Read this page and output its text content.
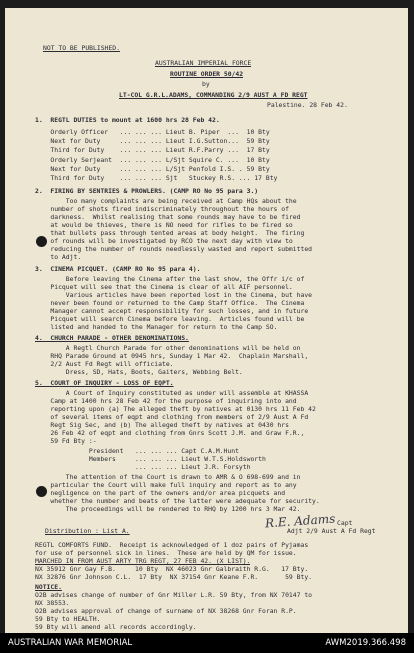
NOT TO BE PUBLISHED.
AUSTRALIAN IMPERIAL FORCE
ROUTINE ORDER 50/42
by
LT-COL G.R.L.ADAMS, COMMANDING 2/9 AUST A FD REGT
Palestine. 28 Feb 42.
1.  REGTL DUTIES to mount at 1600 hrs 28 Feb 42.
Orderly Officer   ... ... ... Lieut B. Piper  ...  10 Bty
Next for Duty     ... ... ... Lieut I.G.Sutton...  59 Bty
Third for Duty    ... ... ... Lieut R.F.Parry ...  17 Bty
Orderly Serjeant  ... ... ... L/Sjt Squire C. ...  10 Bty
Next for Duty     ... ... ... L/Sjt Penfold I.S. . 59 Bty
Third for Duty    ... ... ... Sjt   Stuckey R.S. ... 17 Bty
2.  FIRING BY SENTRIES & PROWLERS. (CAMP RO No 95 para 3.)
Too many complaints are being received at Camp HQs about the
number of shots fired indiscriminately throughout the hours of
darkness.  Whilst realising that some rounds may have to be fired
at would be thieves, there is NO need for rifles to be fired so
that bullets pass through tented areas at body height.  The firing
of rounds will be investigated by RCO the next day with view to
reducing the number of rounds needlessly wasted and report submitted
to Adjt.
3.  CINEMA PICQUET. (CAMP RO No 95 para 4).
Before leaving the Cinema after the last show, the Offr i/c of
Picquet will see that the Cinema is clear of all AIF personnel.
Various articles have been reported lost in the Cinema, but have
never been found or returned to the Camp Staff Office.  The Cinema
Manager cannot accept responsibility for such losses, and in future
Picquet will search Cinema before leaving.  Articles found will be
listed and handed to the Manager for return to the Camp SO.
4.  CHURCH PARADE - OTHER DENOMINATIONS.
A Regtl Church Parade for other denominations will be held on
RHQ Parade Ground at 0945 hrs, Sunday 1 Mar 42.  Chaplain Marshall,
2/2 Aust Fd Regt will officiate.
Dress, SD, Hats, Boots, Gaiters, Webbing Belt.
5.  COURT OF INQUIRY - LOSS OF EQPT.
A Court of Inquiry constituted as under will assemble at KHASSA
Camp at 1400 hrs 28 Feb 42 for the purpose of inquiring into and
reporting upon (a) The alleged theft by natives at 0130 hrs 11 Feb 42
of several items of eqpt and clothing from members of 2/9 Aust A Fd
Regt Sig Sec, and (b) The alleged theft by natives at 0430 hrs
26 Feb 42 of eqpt and clothing from Gnrs Scott J.M. and Graw F.R.,
59 Fd Bty :-
President   ... ... ... Capt C.A.M.Hunt
Members     ... ... ... Lieut W.T.S.Holdsworth
... ... ... Lieut J.R. Forsyth
The attention of the Court is drawn to AMR & O 698-699 and in
particular the Court will make full inquiry and report as to any
negligence on the part of the owners and/or area picquets and
whether the number and beats of the latter were adequate for security.
The proceedings will be rendered to RHQ by 1200 hrs 3 Mar 42.
R.E. Adams Capt
Adjt 2/9 Aust A Fd Regt
Distribution : List A.
REGTL COMFORTS FUND.  Receipt is acknowledged of 1 doz pairs of Pyjamas
for use of personnel sick in lines.  These are held by QM for issue.
MARCHED IN FROM AUST ARTY TRG REGT, 27 FEB 42. (X LIST).
NX 35912 Gnr Gay F.B.     10 Bty  NX 46023 Gnr Galbraith R.G.   17 Bty.
NX 32876 Gnr Johnson C.L.  17 Bty  NX 37154 Gnr Keane F.R.       59 Bty.
NOTICE.
O2B advises change of number of Gnr Miller L.R. 59 Bty, from NX 70147 to
NX 38553.
O2B advises approval of change of surname of NX 38268 Gnr Foran R.P.
59 Bty to HEALTH.
59 Bty will amend all records accordingly.
AUSTRALIAN WAR MEMORIAL	AWM2019.366.498
